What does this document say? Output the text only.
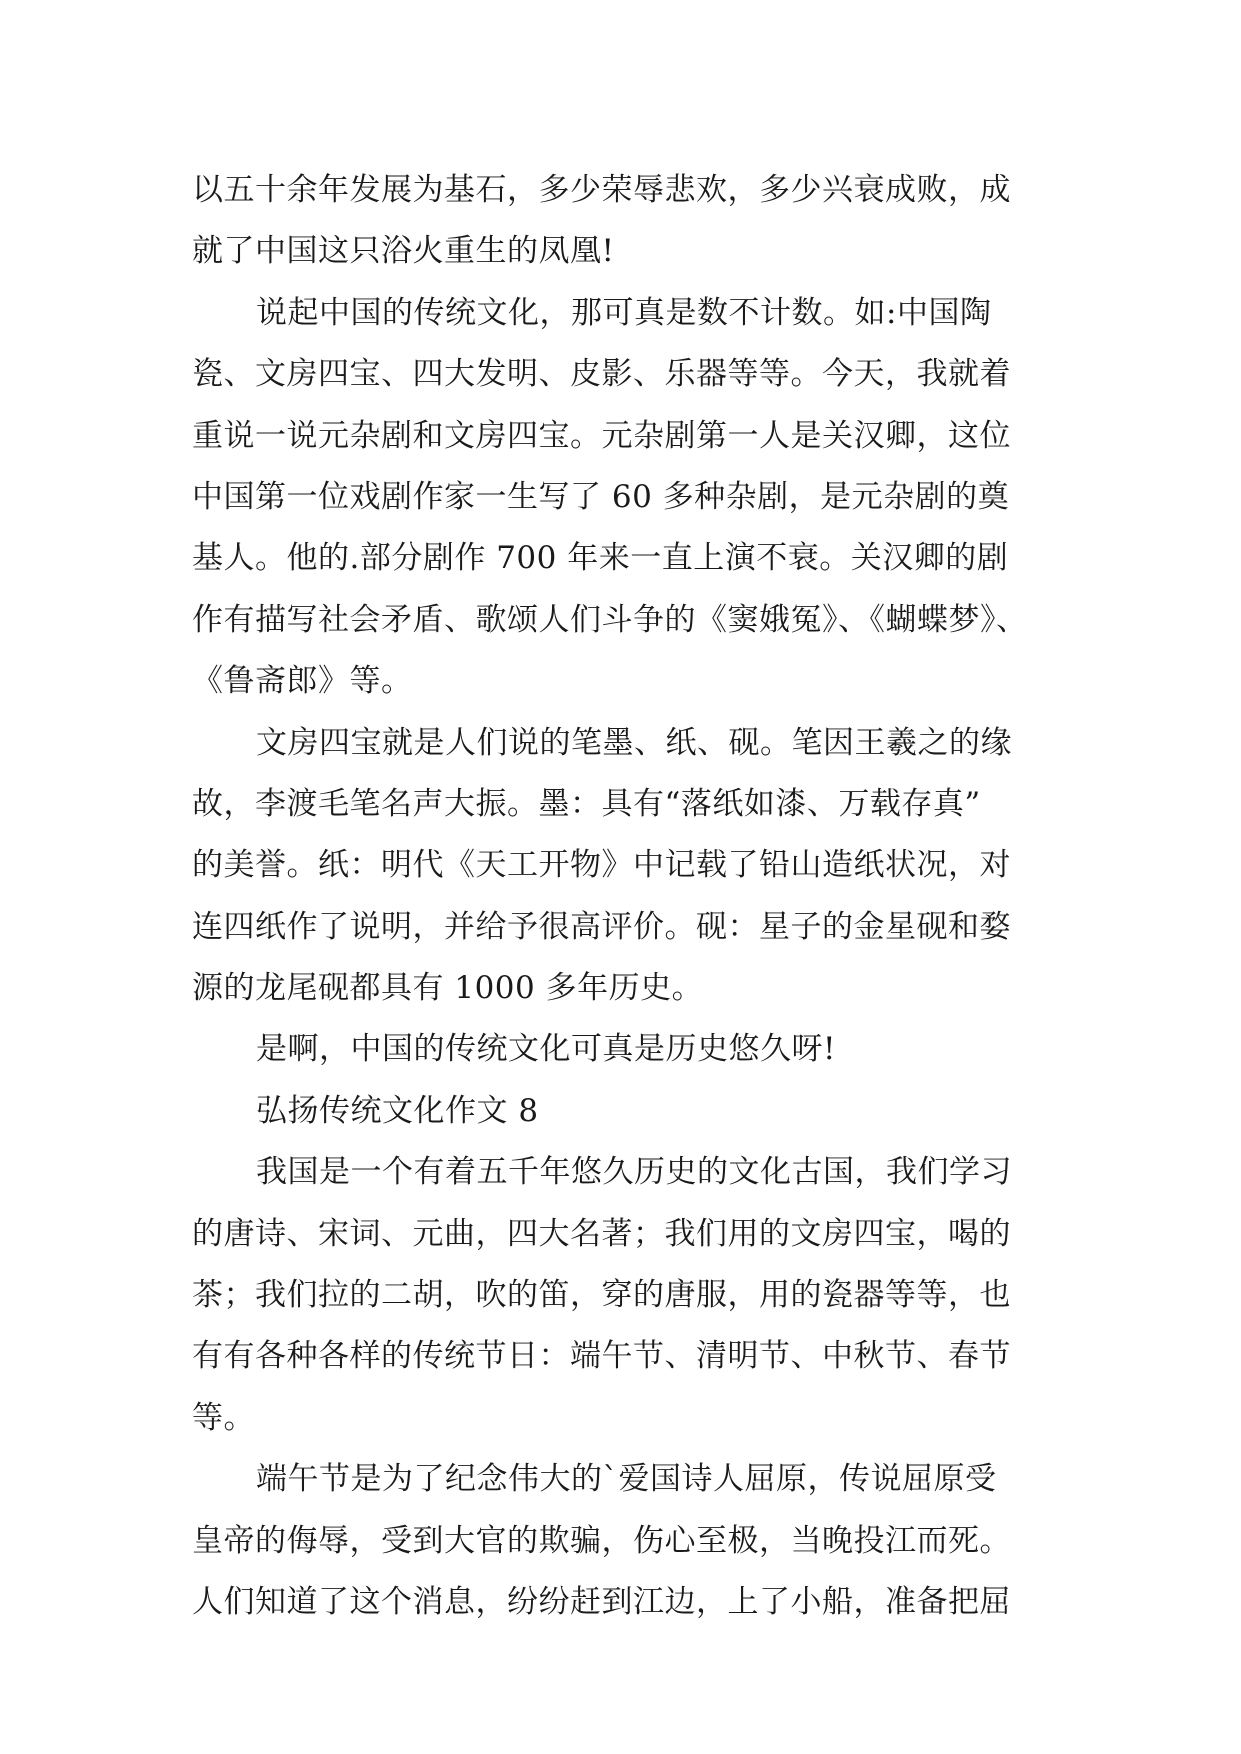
以五十余年发展为基石，多少荣辱悲欢，多少兴衰成败，成
就了中国这只浴火重生的凤凰!
说起中国的传统文化，那可真是数不计数。如:中国陶
瓷、文房四宝、四大发明、皮影、乐器等等。今天，我就着
重说一说元杂剧和文房四宝。元杂剧第一人是关汉卿，这位
中国第一位戏剧作家一生写了 60 多种杂剧，是元杂剧的奠
基人。他的.部分剧作 700 年来一直上演不衰。关汉卿的剧
作有描写社会矛盾、歌颂人们斗争的《窦娥冤》、《蝴蝶梦》、
《鲁斋郎》等。
文房四宝就是人们说的笔墨、纸、砚。笔因王羲之的缘
故，李渡毛笔名声大振。墨：具有“落纸如漆、万载存真”
的美誉。纸：明代《天工开物》中记载了铅山造纸状况，对
连四纸作了说明，并给予很高评价。砚：星子的金星砚和婺
源的龙尾砚都具有 1000 多年历史。
是啊，中国的传统文化可真是历史悠久呀!
弘扬传统文化作文 8
我国是一个有着五千年悠久历史的文化古国，我们学习
的唐诗、宋词、元曲，四大名著；我们用的文房四宝，喝的
茶；我们拉的二胡，吹的笛，穿的唐服，用的瓷器等等，也
有有各种各样的传统节日：端午节、清明节、中秋节、春节
等。
端午节是为了纪念伟大的`爱国诗人屈原，传说屈原受
皇帝的侮辱，受到大官的欺骗，伤心至极，当晚投江而死。
人们知道了这个消息，纷纷赶到江边，上了小船，准备把屈
